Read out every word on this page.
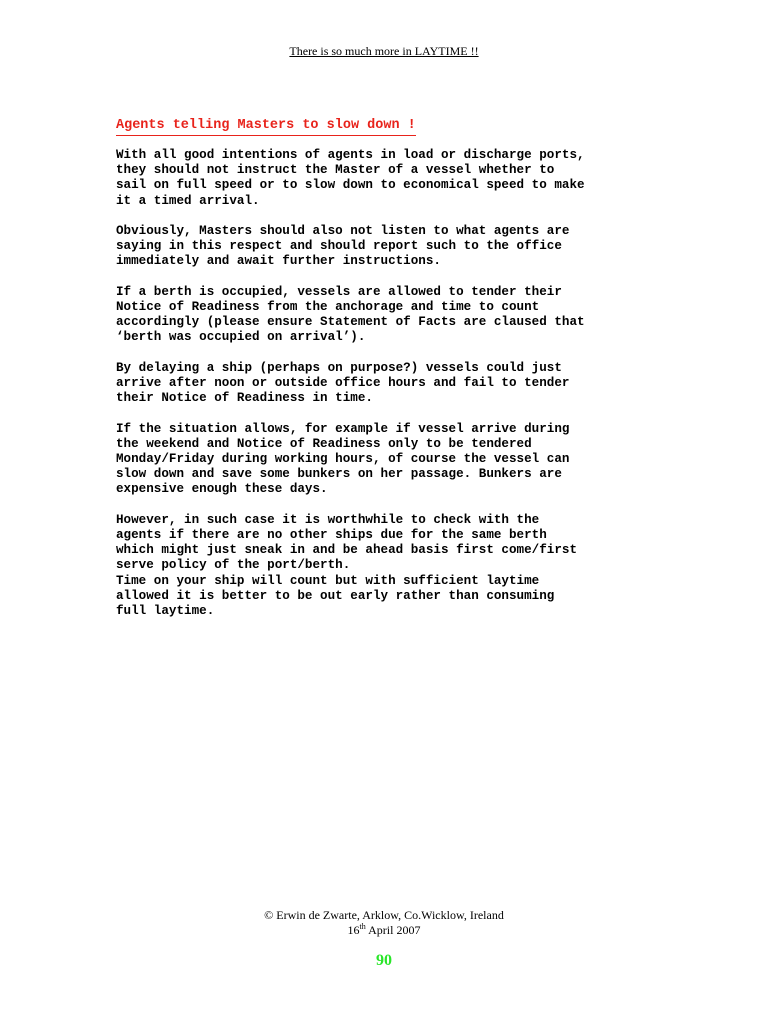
There is so much more in LAYTIME !!
Agents telling Masters to slow down !

With all good intentions of agents in load or discharge ports,
they should not instruct the Master of a vessel whether to
sail on full speed or to slow down to economical speed to make
it a timed arrival.

Obviously, Masters should also not listen to what agents are
saying in this respect and should report such to the office
immediately and await further instructions.

If a berth is occupied, vessels are allowed to tender their
Notice of Readiness from the anchorage and time to count
accordingly (please ensure Statement of Facts are claused that
‘berth was occupied on arrival’).

By delaying a ship (perhaps on purpose?) vessels could just
arrive after noon or outside office hours and fail to tender
their Notice of Readiness in time.

If the situation allows, for example if vessel arrive during
the weekend and Notice of Readiness only to be tendered
Monday/Friday during working hours, of course the vessel can
slow down and save some bunkers on her passage. Bunkers are
expensive enough these days.

However, in such case it is worthwhile to check with the
agents if there are no other ships due for the same berth
which might just sneak in and be ahead basis first come/first
serve policy of the port/berth.

Time on your ship will count but with sufficient laytime
allowed it is better to be out early rather than consuming
full laytime.

© Erwin de Zwarte, Arklow, Co.Wicklow, Ireland
16th April 2007
90
